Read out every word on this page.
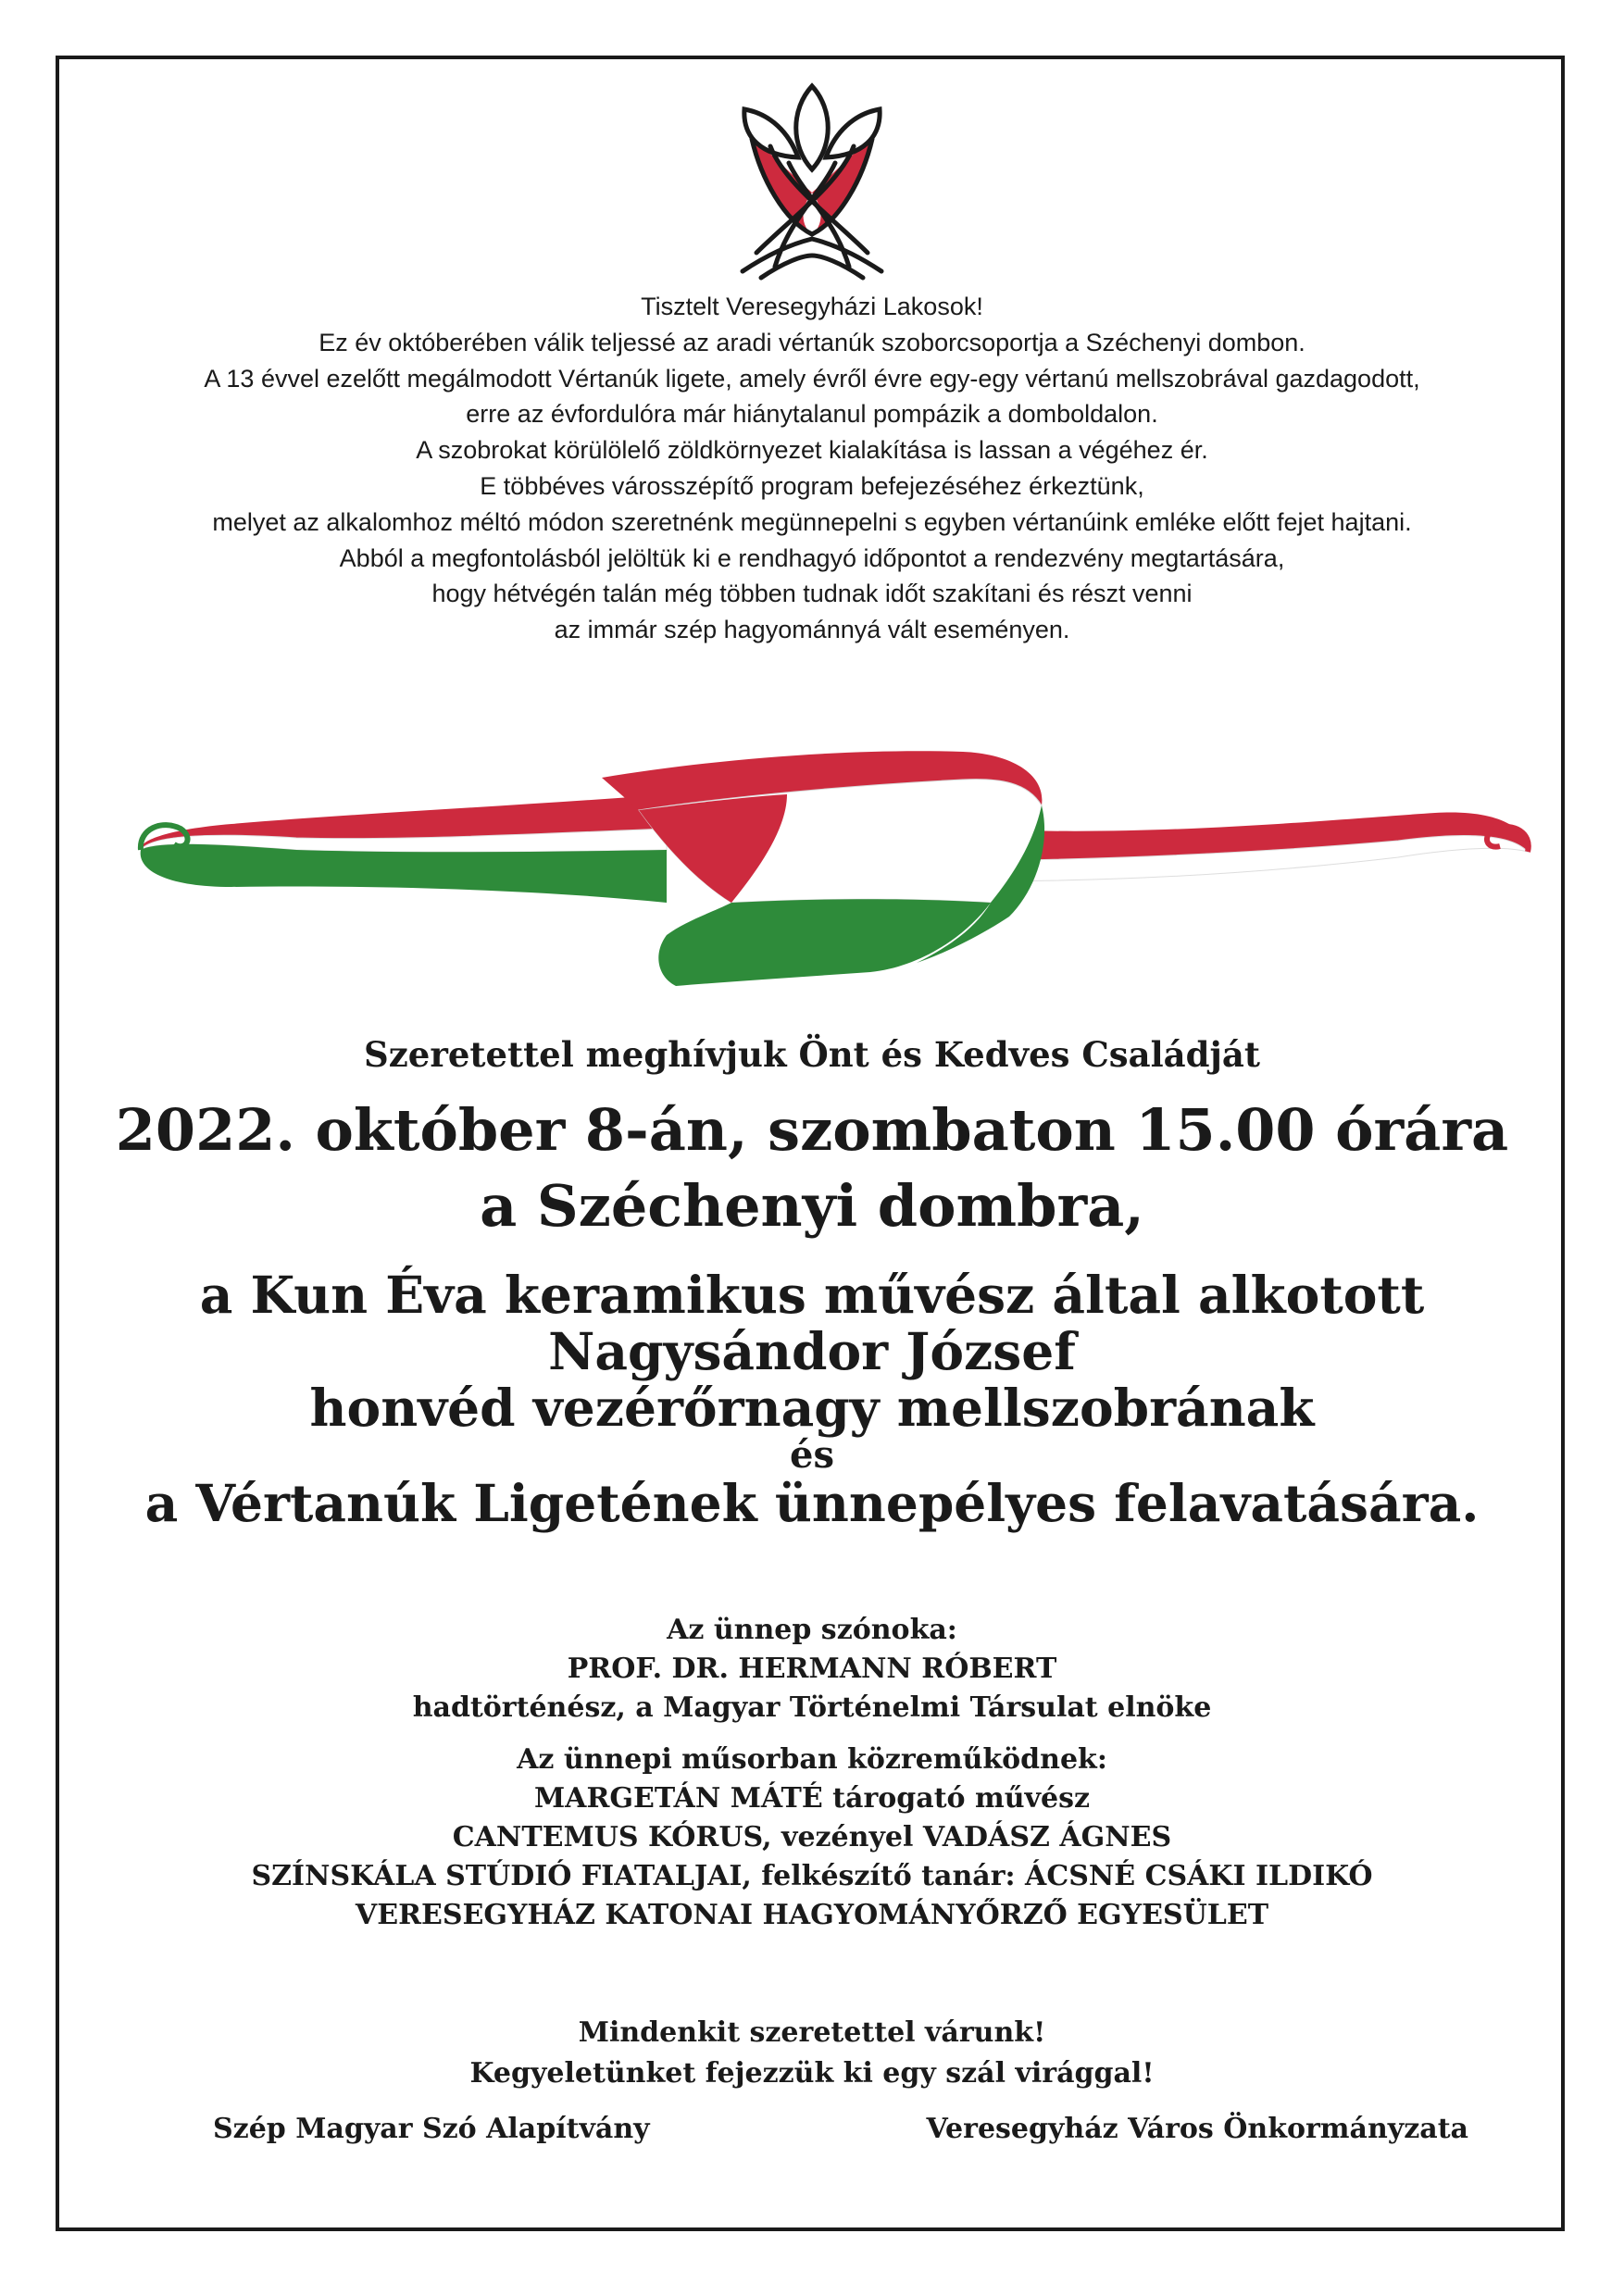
Tisztelt Veresegyházi Lakosok!
Ez év októberében válik teljessé az aradi vértanúk szoborcsoportja a Széchenyi dombon.
A 13 évvel ezelőtt megálmodott Vértanúk ligete, amely évről évre egy-egy vértanú mellszobrával gazdagodott,
erre az évfordulóra már hiánytalanul pompázik a domboldalon.
A szobrokat körülölelő zöldkörnyezet kialakítása is lassan a végéhez ér.
E többéves városszépítő program befejezéséhez érkeztünk,
melyet az alkalomhoz méltó módon szeretnénk megünnepelni s egyben vértanúink emléke előtt fejet hajtani.
Abból a megfontolásból jelöltük ki e rendhagyó időpontot a rendezvény megtartására,
hogy hétvégén talán még többen tudnak időt szakítani és részt venni
az immár szép hagyománnyá vált eseményen.
Szeretettel meghívjuk Önt és Kedves Családját
2022. október 8-án, szombaton 15.00 órára
a Széchenyi dombra,
a Kun Éva keramikus művész által alkotott
Nagysándor József
honvéd vezérőrnagy mellszobrának
és
a Vértanúk Ligetének ünnepélyes felavatására.
Az ünnep szónoka:
PROF. DR. HERMANN RÓBERT
hadtörténész, a Magyar Történelmi Társulat elnöke
Az ünnepi műsorban közreműködnek:
MARGETÁN MÁTÉ tárogató művész
CANTEMUS KÓRUS, vezényel VADÁSZ ÁGNES
SZÍNSKÁLA STÚDIÓ FIATALJAI, felkészítő tanár: ÁCSNÉ CSÁKI ILDIKÓ
VERESEGYHÁZ KATONAI HAGYOMÁNYŐRZŐ EGYESÜLET
Mindenkit szeretettel várunk!
Kegyeletünket fejezzük ki egy szál virággal!
Szép Magyar Szó Alapítvány	Veresegyház Város Önkormányzata
